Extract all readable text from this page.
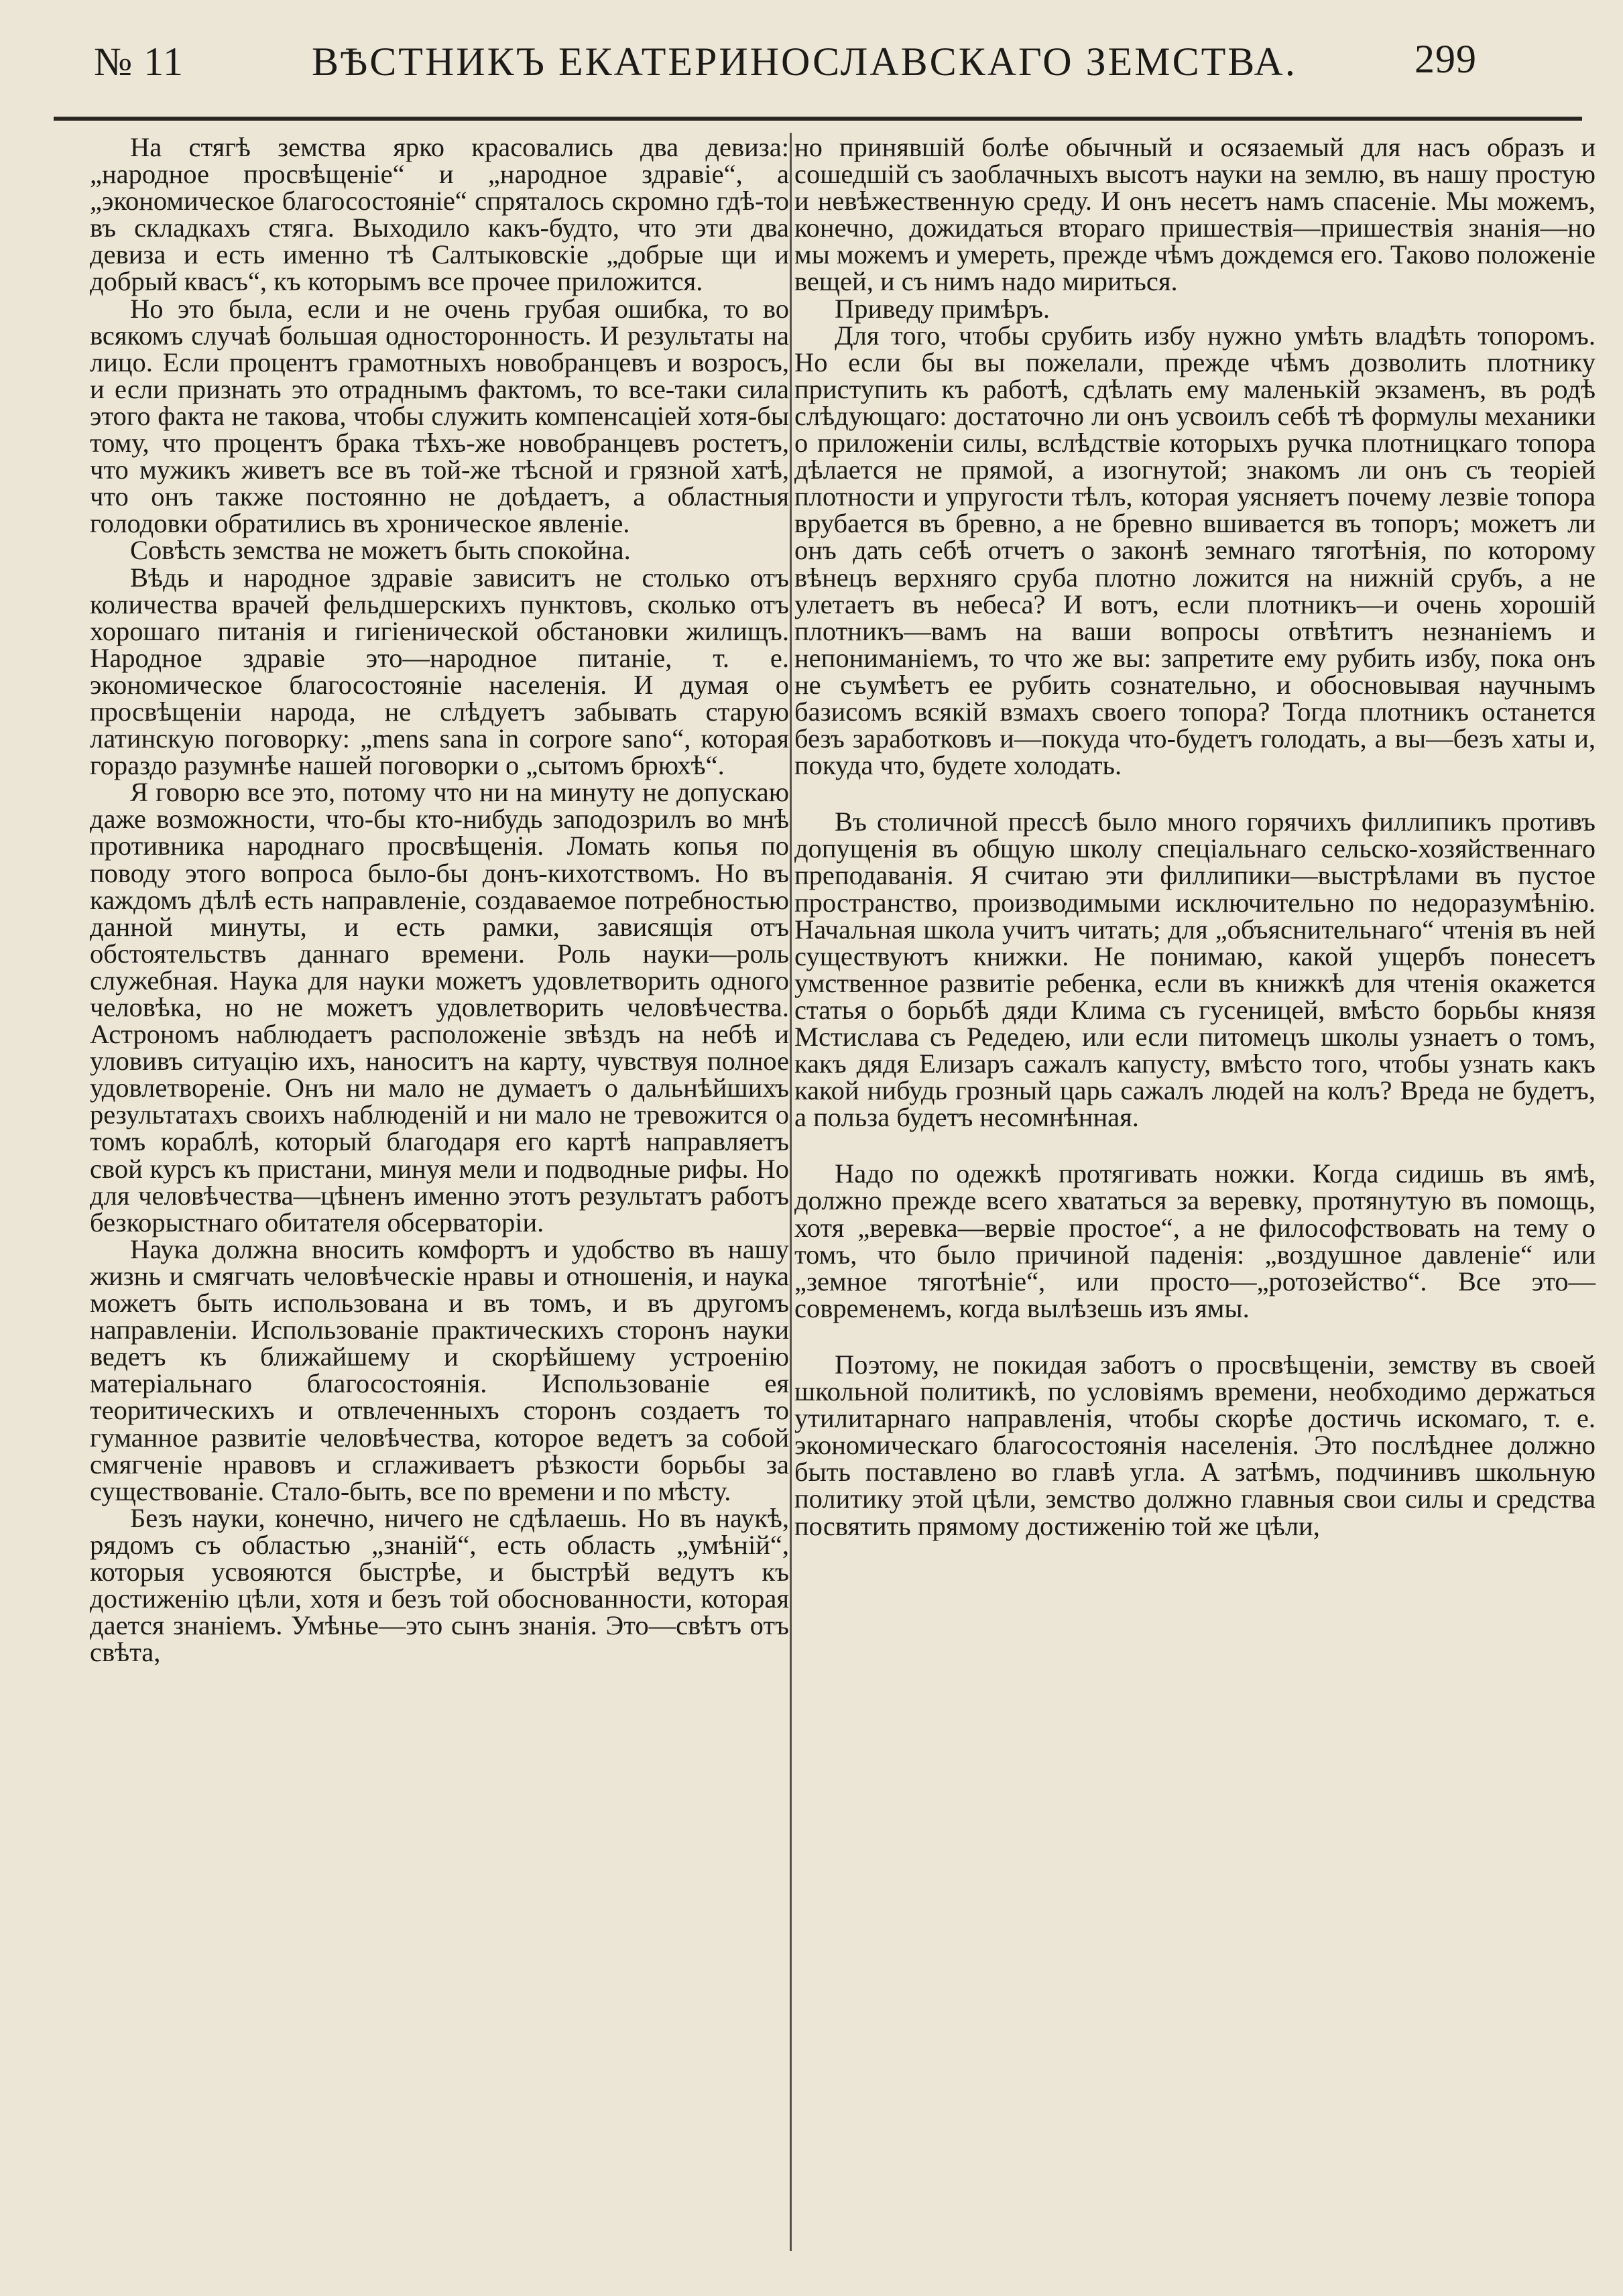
№ 11	ВѢСТНИКЪ ЕКАТЕРИНОСЛАВСКАГО ЗЕМСТВА.	299

На стягѣ земства ярко красовались два девиза: „народное просвѣщеніе“ и „народное здравіе“, а „экономическое благосостояніе“ спряталось скромно гдѣ-то въ складкахъ стяга. Выходило какъ-будто, что эти два девиза и есть именно тѣ Салтыковскіе „добрые щи и добрый квасъ“, къ которымъ все прочее приложится.

Но это была, если и не очень грубая ошибка, то во всякомъ случаѣ большая односторонность. И результаты на лицо. Если процентъ грамотныхъ новобранцевъ и возросъ, и если признать это отраднымъ фактомъ, то все-таки сила этого факта не такова, чтобы служить компенсаціей хотя-бы тому, что процентъ брака тѣхъ-же новобранцевъ ростетъ, что мужикъ живетъ все въ той-же тѣсной и грязной хатѣ, что онъ также постоянно не доѣдаетъ, а областныя голодовки обратились въ хроническое явленіе.

Совѣсть земства не можетъ быть спокойна.

Вѣдь и народное здравіе зависитъ не столько отъ количества врачей фельдшерскихъ пунктовъ, сколько отъ хорошаго питанія и гигіенической обстановки жилищъ. Народное здравіе это—народное питаніе, т. е. экономическое благосостояніе населенія. И думая о просвѣщеніи народа, не слѣдуетъ забывать старую латинскую поговорку: „mens sana in corpore sano“, которая гораздо разумнѣе нашей поговорки о „сытомъ брюхѣ“.

Я говорю все это, потому что ни на минуту не допускаю даже возможности, что-бы кто-нибудь заподозрилъ во мнѣ противника народнаго просвѣщенія. Ломать копья по поводу этого вопроса было-бы донъ-кихотствомъ. Но въ каждомъ дѣлѣ есть направленіе, создаваемое потребностью данной минуты, и есть рамки, зависящія отъ обстоятельствъ даннаго времени. Роль науки—роль служебная. Наука для науки можетъ удовлетворить одного человѣка, но не можетъ удовлетворить человѣчества. Астрономъ наблюдаетъ расположеніе звѣздъ на небѣ и уловивъ ситуацію ихъ, наноситъ на карту, чувствуя полное удовлетвореніе. Онъ ни мало не думаетъ о дальнѣйшихъ результатахъ своихъ наблюденій и ни мало не тревожится о томъ кораблѣ, который благодаря его картѣ направляетъ свой курсъ къ пристани, минуя мели и подводные рифы. Но для человѣчества—цѣненъ именно этотъ результатъ работъ безкорыстнаго обитателя обсерваторіи.

Наука должна вносить комфортъ и удобство въ нашу жизнь и смягчать человѣческіе нравы и отношенія, и наука можетъ быть использована и въ томъ, и въ другомъ направленіи. Использованіе практическихъ сторонъ науки ведетъ къ ближайшему и скорѣйшему устроенію матеріальнаго благосостоянія. Использованіе ея теоритическихъ и отвлеченныхъ сторонъ создаетъ то гуманное развитіе человѣчества, которое ведетъ за собой смягченіе нравовъ и сглаживаетъ рѣзкости борьбы за существованіе. Стало-быть, все по времени и по мѣсту.

Безъ науки, конечно, ничего не сдѣлаешь. Но въ наукѣ, рядомъ съ областью „знаній“, есть область „умѣній“, которыя усвояются быстрѣе, и быстрѣй ведутъ къ достиженію цѣли, хотя и безъ той обоснованности, которая дается знаніемъ. Умѣнье—это сынъ знанія. Это—свѣтъ отъ свѣта,

но принявшій болѣе обычный и осязаемый для насъ образъ и сошедшій съ заоблачныхъ высотъ науки на землю, въ нашу простую и невѣжественную среду. И онъ несетъ намъ спасеніе. Мы можемъ, конечно, дожидаться втораго пришествія—пришествія знанія—но мы можемъ и умереть, прежде чѣмъ дождемся его. Таково положеніе вещей, и съ нимъ надо мириться.

Приведу примѣръ.

Для того, чтобы срубить избу нужно умѣть владѣть топоромъ. Но если бы вы пожелали, прежде чѣмъ дозволить плотнику приступить къ работѣ, сдѣлать ему маленькій экзаменъ, въ родѣ слѣдующаго: достаточно ли онъ усвоилъ себѣ тѣ формулы механики о приложеніи силы, вслѣдствіе которыхъ ручка плотницкаго топора дѣлается не прямой, а изогнутой; знакомъ ли онъ съ теоріей плотности и упругости тѣлъ, которая уясняетъ почему лезвіе топора врубается въ бревно, а не бревно вшивается въ топоръ; можетъ ли онъ дать себѣ отчетъ о законѣ земнаго тяготѣнія, по которому вѣнецъ верхняго сруба плотно ложится на нижній срубъ, а не улетаетъ въ небеса? И вотъ, если плотникъ—и очень хорошій плотникъ—вамъ на ваши вопросы отвѣтитъ незнаніемъ и непониманіемъ, то что же вы: запретите ему рубить избу, пока онъ не съумѣетъ ее рубить сознательно, и обосновывая научнымъ базисомъ всякій взмахъ своего топора? Тогда плотникъ останется безъ заработковъ и—покуда что-будетъ голодать, а вы—безъ хаты и, покуда что, будете холодать.

Въ столичной прессѣ было много горячихъ филлипикъ противъ допущенія въ общую школу спеціальнаго сельско-хозяйственнаго преподаванія. Я считаю эти филлипики—выстрѣлами въ пустое пространство, производимыми исключительно по недоразумѣнію. Начальная школа учитъ читать; для „объяснительнаго“ чтенія въ ней существуютъ книжки. Не понимаю, какой ущербъ понесетъ умственное развитіе ребенка, если въ книжкѣ для чтенія окажется статья о борьбѣ дяди Клима съ гусеницей, вмѣсто борьбы князя Мстислава съ Редедею, или если питомецъ школы узнаетъ о томъ, какъ дядя Елизаръ сажалъ капусту, вмѣсто того, чтобы узнать какъ какой нибудь грозный царь сажалъ людей на колъ? Вреда не будетъ, а польза будетъ несомнѣнная.

Надо по одежкѣ протягивать ножки. Когда сидишь въ ямѣ, должно прежде всего хвататься за веревку, протянутую въ помощь, хотя „веревка—вервіе простое“, а не философствовать на тему о томъ, что было причиной паденія: „воздушное давленіе“ или „земное тяготѣніе“, или просто—„ротозейство“. Все это—современемъ, когда вылѣзешь изъ ямы.

Поэтому, не покидая заботъ о просвѣщеніи, земству въ своей школьной политикѣ, по условіямъ времени, необходимо держаться утилитарнаго направленія, чтобы скорѣе достичь искомаго, т. е. экономическаго благосостоянія населенія. Это послѣднее должно быть поставлено во главѣ угла. А затѣмъ, подчинивъ школьную политику этой цѣли, земство должно главныя свои силы и средства посвятить прямому достиженію той же цѣли,
